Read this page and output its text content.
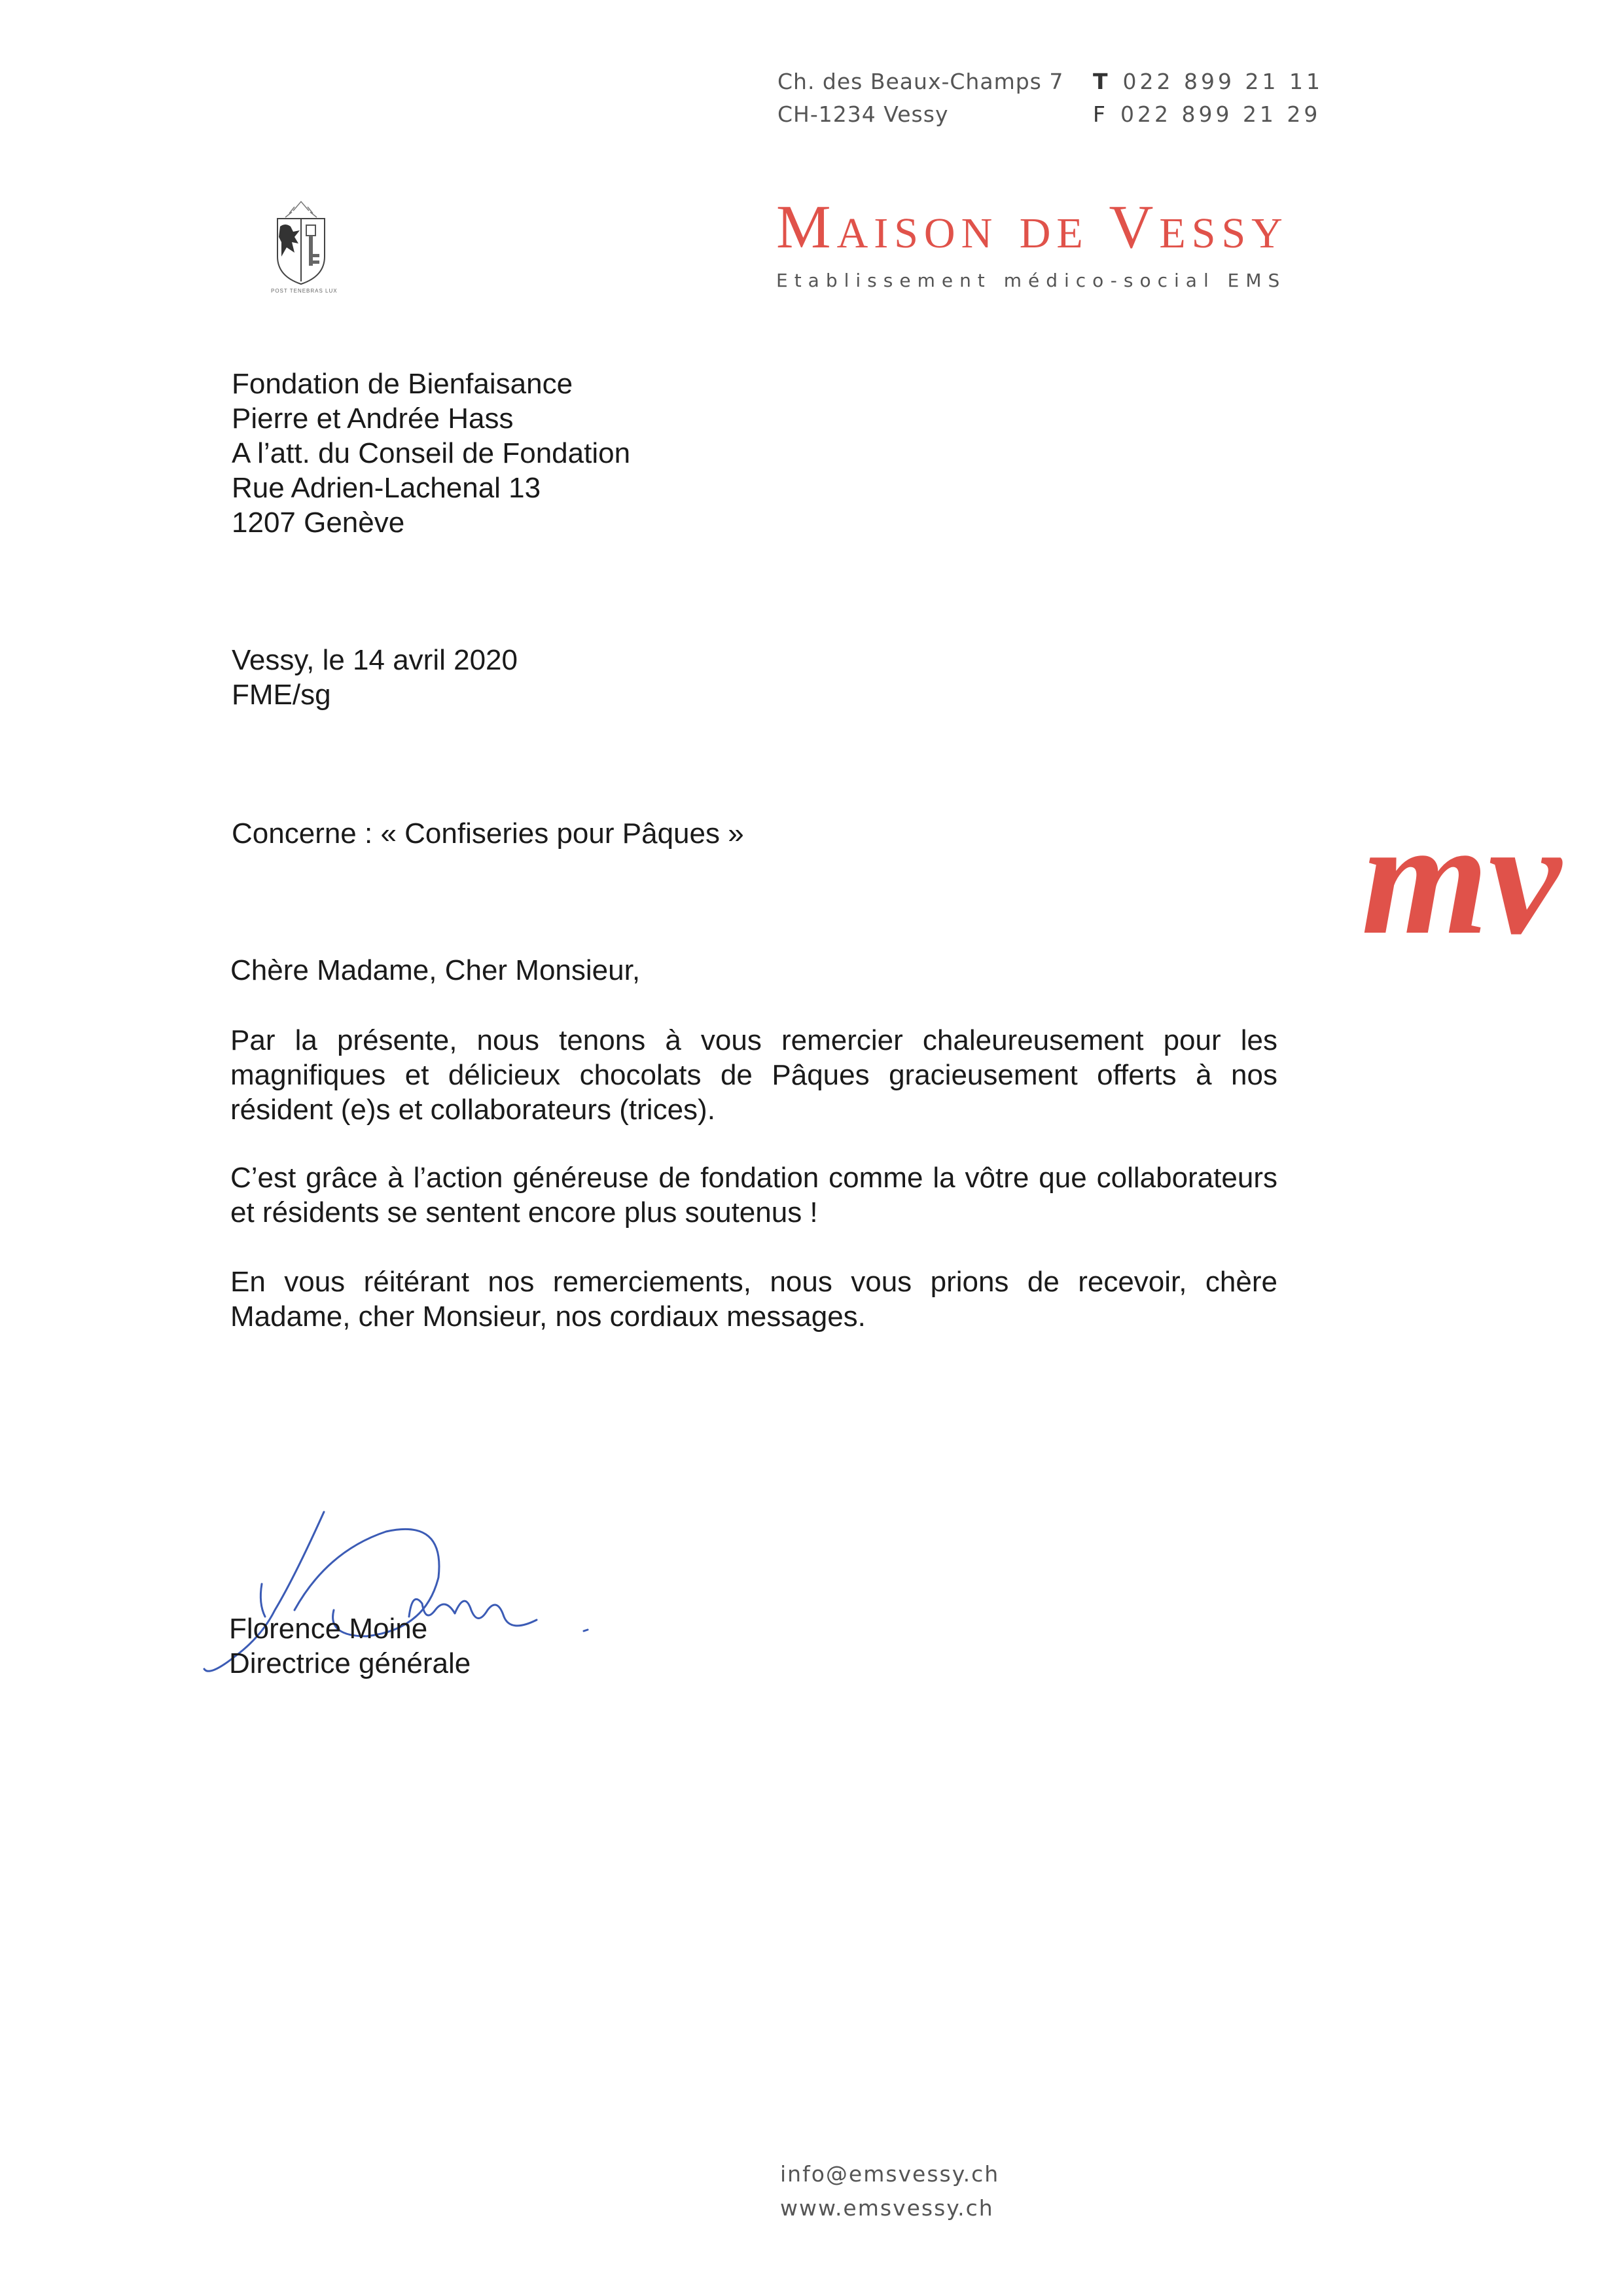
Ch. des Beaux-Champs 7
CH-1234 Vessy
T 022 899 21 11
F 022 899 21 29
POST TENEBRAS LUX
Maison de Vessy
Etablissement médico-social EMS
mv
Fondation de Bienfaisance
Pierre et Andrée Hass
A l’att. du Conseil de Fondation
Rue Adrien-Lachenal 13
1207 Genève
Vessy, le 14 avril 2020
FME/sg
Concerne : « Confiseries pour Pâques »
Chère Madame, Cher Monsieur,
Par la présente, nous tenons à vous remercier chaleureusement pour les magnifiques et délicieux chocolats de Pâques gracieusement offerts à nos résident (e)s et collaborateurs (trices).
C’est grâce à l’action généreuse de fondation comme la vôtre que collaborateurs et résidents se sentent encore plus soutenus !
En vous réitérant nos remerciements, nous vous prions de recevoir, chère Madame, cher Monsieur, nos cordiaux messages.
Florence Moine
Directrice générale
info@emsvessy.ch
www.emsvessy.ch
